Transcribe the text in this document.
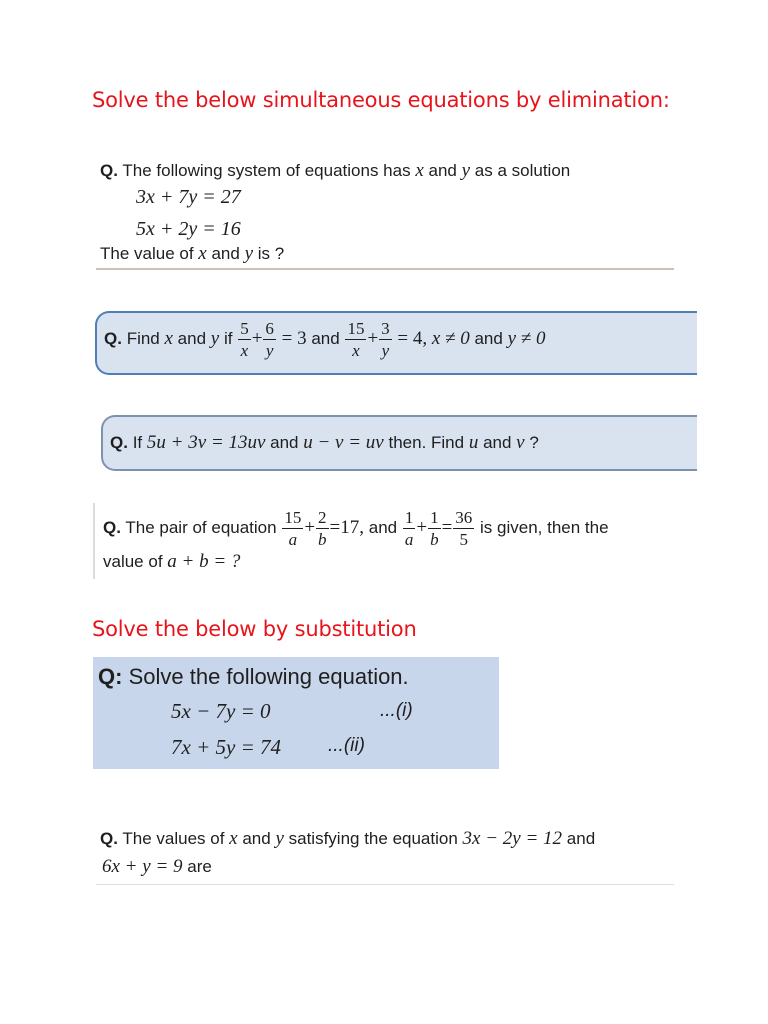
Solve the below simultaneous equations by elimination:
Q. The following system of equations has x and y as a solution
3x + 7y = 27
5x + 2y = 16
The value of x and y is ?
Q. Find x and y if $\frac{5}{x} + \frac{6}{y} = 3$ and $\frac{15}{x} + \frac{3}{y} = 4$, x ≠ 0 and y ≠ 0
Q. If 5u + 3v = 13uv and u − v = uv then. Find u and v ?
Q. The pair of equation $\frac{15}{a} + \frac{2}{b} =17$, and $\frac{1}{a} + \frac{1}{b} = \frac{36}{5}$ is given, then the
value of a + b = ?
Solve the below by substitution
Q: Solve the following equation.
5x − 7y = 0	...(i)
7x + 5y = 74 ...(ii)
Q. The values of x and y satisfying the equation 3x − 2y = 12 and
6x + y = 9 are
